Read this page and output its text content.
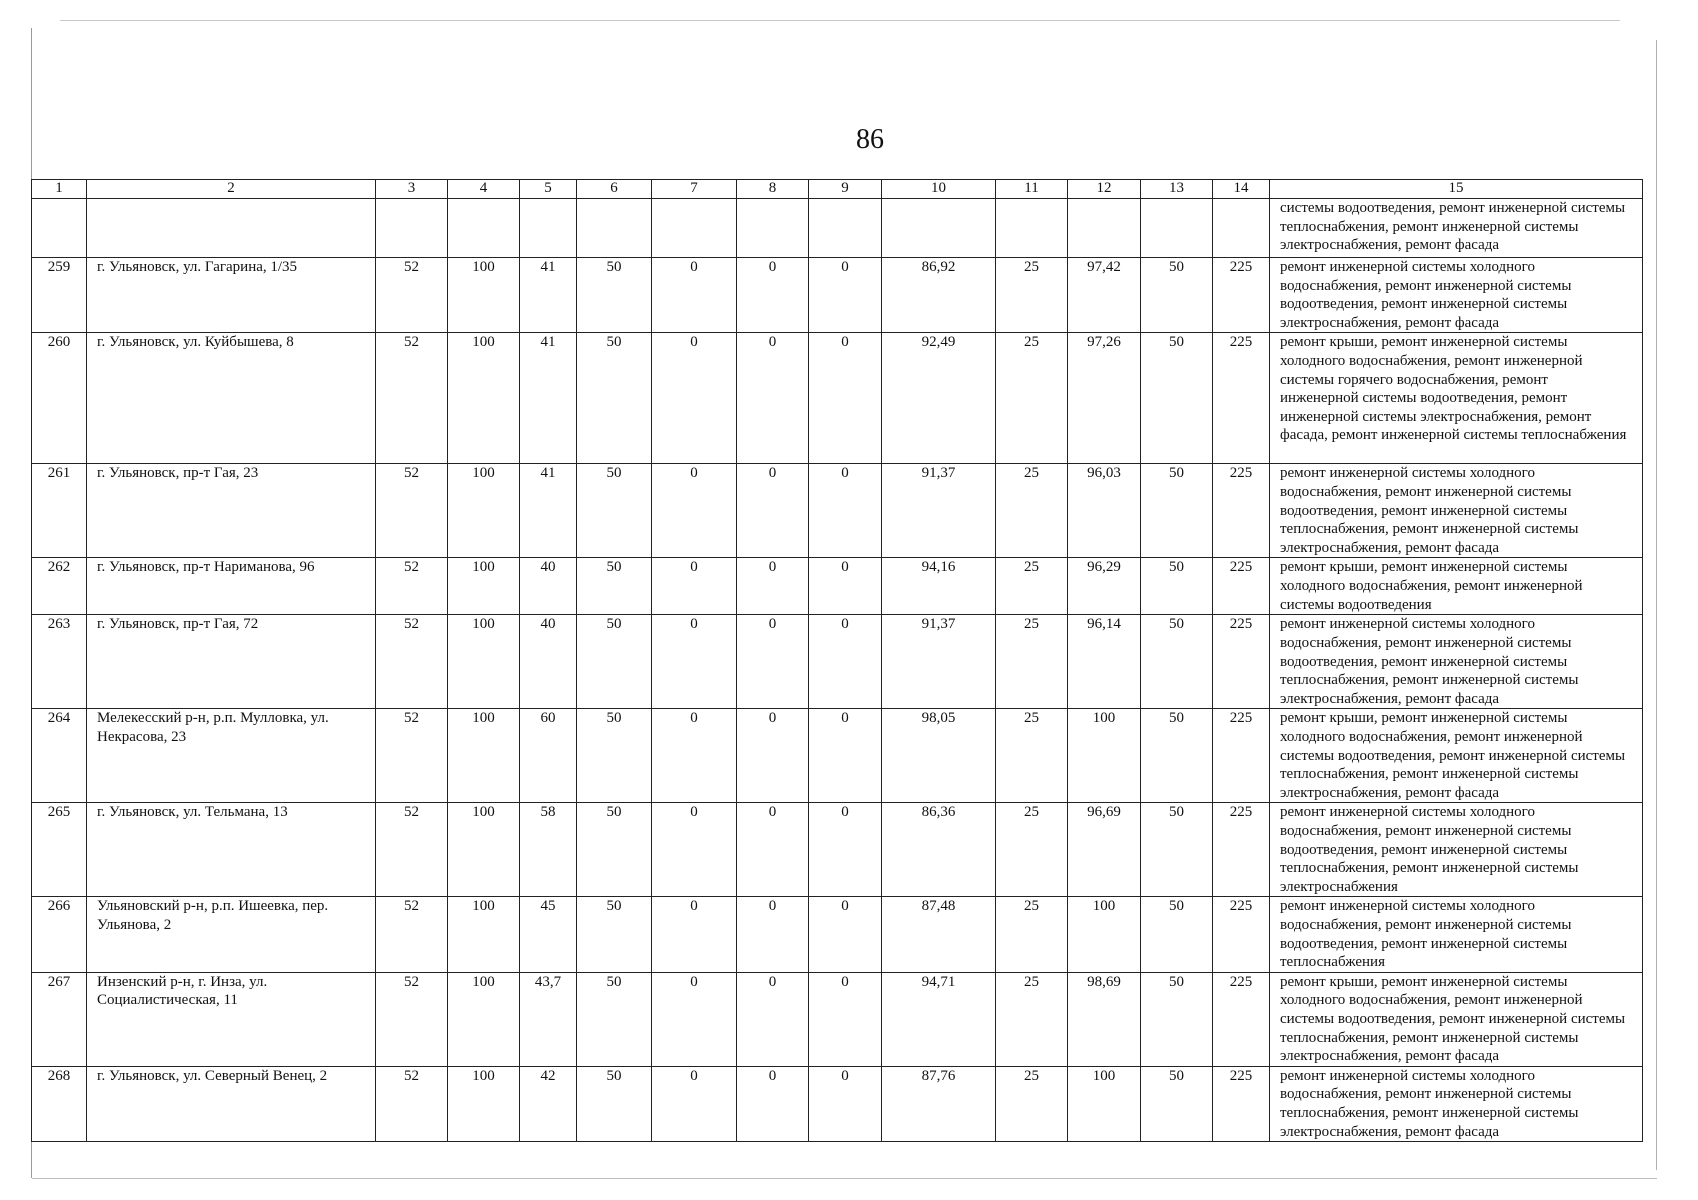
86
1	2	3	4	5	6	7	8	9	10	11	12	13	14	15
														системы водоотведения, ремонт инженерной системы теплоснабжения, ремонт инженерной системы электроснабжения, ремонт фасада
259	г. Ульяновск, ул. Гагарина, 1/35	52	100	41	50	0	0	0	86,92	25	97,42	50	225	ремонт инженерной системы холодного водоснабжения, ремонт инженерной системы водоотведения, ремонт инженерной системы электроснабжения, ремонт фасада
260	г. Ульяновск, ул. Куйбышева, 8	52	100	41	50	0	0	0	92,49	25	97,26	50	225	ремонт крыши, ремонт инженерной системы холодного водоснабжения, ремонт инженерной системы горячего водоснабжения, ремонт инженерной системы водоотведения, ремонт инженерной системы электроснабжения, ремонт фасада, ремонт инженерной системы теплоснабжения
261	г. Ульяновск, пр-т Гая, 23	52	100	41	50	0	0	0	91,37	25	96,03	50	225	ремонт инженерной системы холодного водоснабжения, ремонт инженерной системы водоотведения, ремонт инженерной системы теплоснабжения, ремонт инженерной системы электроснабжения, ремонт фасада
262	г. Ульяновск, пр-т Нариманова, 96	52	100	40	50	0	0	0	94,16	25	96,29	50	225	ремонт крыши, ремонт инженерной системы холодного водоснабжения, ремонт инженерной системы водоотведения
263	г. Ульяновск, пр-т Гая, 72	52	100	40	50	0	0	0	91,37	25	96,14	50	225	ремонт инженерной системы холодного водоснабжения, ремонт инженерной системы водоотведения, ремонт инженерной системы теплоснабжения, ремонт инженерной системы электроснабжения, ремонт фасада
264	Мелекесский р-н, р.п. Мулловка, ул. Некрасова, 23	52	100	60	50	0	0	0	98,05	25	100	50	225	ремонт крыши, ремонт инженерной системы холодного водоснабжения, ремонт инженерной системы водоотведения, ремонт инженерной системы теплоснабжения, ремонт инженерной системы электроснабжения, ремонт фасада
265	г. Ульяновск, ул. Тельмана, 13	52	100	58	50	0	0	0	86,36	25	96,69	50	225	ремонт инженерной системы холодного водоснабжения, ремонт инженерной системы водоотведения, ремонт инженерной системы теплоснабжения, ремонт инженерной системы электроснабжения
266	Ульяновский р-н, р.п. Ишеевка, пер. Ульянова, 2	52	100	45	50	0	0	0	87,48	25	100	50	225	ремонт инженерной системы холодного водоснабжения, ремонт инженерной системы водоотведения, ремонт инженерной системы теплоснабжения
267	Инзенский р-н, г. Инза, ул. Социалистическая, 11	52	100	43,7	50	0	0	0	94,71	25	98,69	50	225	ремонт крыши, ремонт инженерной системы холодного водоснабжения, ремонт инженерной системы водоотведения, ремонт инженерной системы теплоснабжения, ремонт инженерной системы электроснабжения, ремонт фасада
268	г. Ульяновск, ул. Северный Венец, 2	52	100	42	50	0	0	0	87,76	25	100	50	225	ремонт инженерной системы холодного водоснабжения, ремонт инженерной системы теплоснабжения, ремонт инженерной системы электроснабжения, ремонт фасада
